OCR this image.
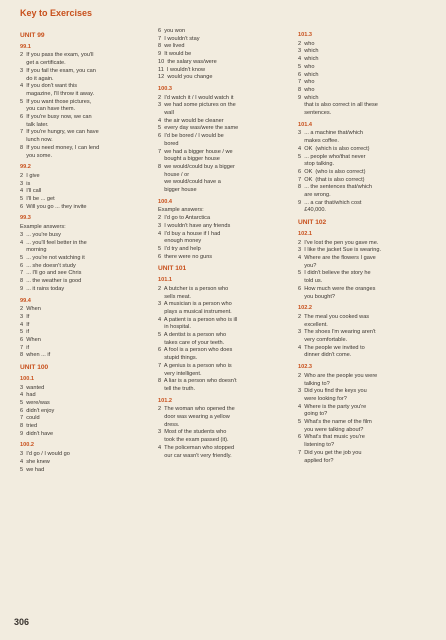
Key to Exercises
UNIT 99
99.1
2  If you pass the exam, you'll
get a certificate.
3  If you fail the exam, you can
do it again.
4  If you don't want this
magazine, I'll throw it away.
5  If you want those pictures,
you can have them.
6  If you're busy now, we can
talk later.
7  If you're hungry, we can have
lunch now.
8  If you need money, I can lend
you some.
99.2
2  I give
3  is
4  I'll call
5  I'll be ... get
6  Will you go ... they invite
99.3
Example answers:
3  ... you're busy
4  ... you'll feel better in the
morning
5  ... you're not watching it
6  ... she doesn't study
7  ... I'll go and see Chris
8  ... the weather is good
9  ... it rains today
99.4
2  When
3  If
4  If
5  if
6  When
7  if
8  when ... if
UNIT 100
100.1
3  wanted
4  had
5  were/was
6  didn't enjoy
7  could
8  tried
9  didn't have
100.2
3  I'd go / I would go
4  she knew
5  we had
6  you won
7  I wouldn't stay
8  we lived
9  It would be
10  the salary was/were
11  I wouldn't know
12  would you change
100.3
2  I'd watch it / I would watch it
3  we had some pictures on the
wall
4  the air would be cleaner
5  every day was/were the same
6  I'd be bored / I would be
bored
7  we had a bigger house / we
bought a bigger house
8  we would/could buy a bigger
house / or
we would/could have a
bigger house
100.4
Example answers:
2  I'd go to Antarctica
3  I wouldn't have any friends
4  I'd buy a house if I had
enough money
5  I'd try and help
6  there were no guns
UNIT 101
101.1
2  A butcher is a person who
sells meat.
3  A musician is a person who
plays a musical instrument.
4  A patient is a person who is ill
in hospital.
5  A dentist is a person who
takes care of your teeth.
6  A fool is a person who does
stupid things.
7  A genius is a person who is
very intelligent.
8  A liar is a person who doesn't
tell the truth.
101.2
2  The woman who opened the
door was wearing a yellow
dress.
3  Most of the students who
took the exam passed (it).
4  The policeman who stopped
our car wasn't very friendly.
101.3
2  who
3  which
4  which
5  who
6  which
7  who
8  who
9  which
that is also correct in all these
sentences.
101.4
3  ... a machine that/which
makes coffee.
4  OK  (which is also correct)
5  ... people who/that never
stop talking.
6  OK  (who is also correct)
7  OK  (that is also correct)
8  ... the sentences that/which
are wrong.
9  ... a car that/which cost
£40,000.
UNIT 102
102.1
2  I've lost the pen you gave me.
3  I like the jacket Sue is wearing.
4  Where are the flowers I gave
you?
5  I didn't believe the story he
told us.
6  How much were the oranges
you bought?
102.2
2  The meal you cooked was
excellent.
3  The shoes I'm wearing aren't
very comfortable.
4  The people we invited to
dinner didn't come.
102.3
2  Who are the people you were
talking to?
3  Did you find the keys you
were looking for?
4  Where is the party you're
going to?
5  What's the name of the film
you were talking about?
6  What's that music you're
listening to?
7  Did you get the job you
applied for?
306
